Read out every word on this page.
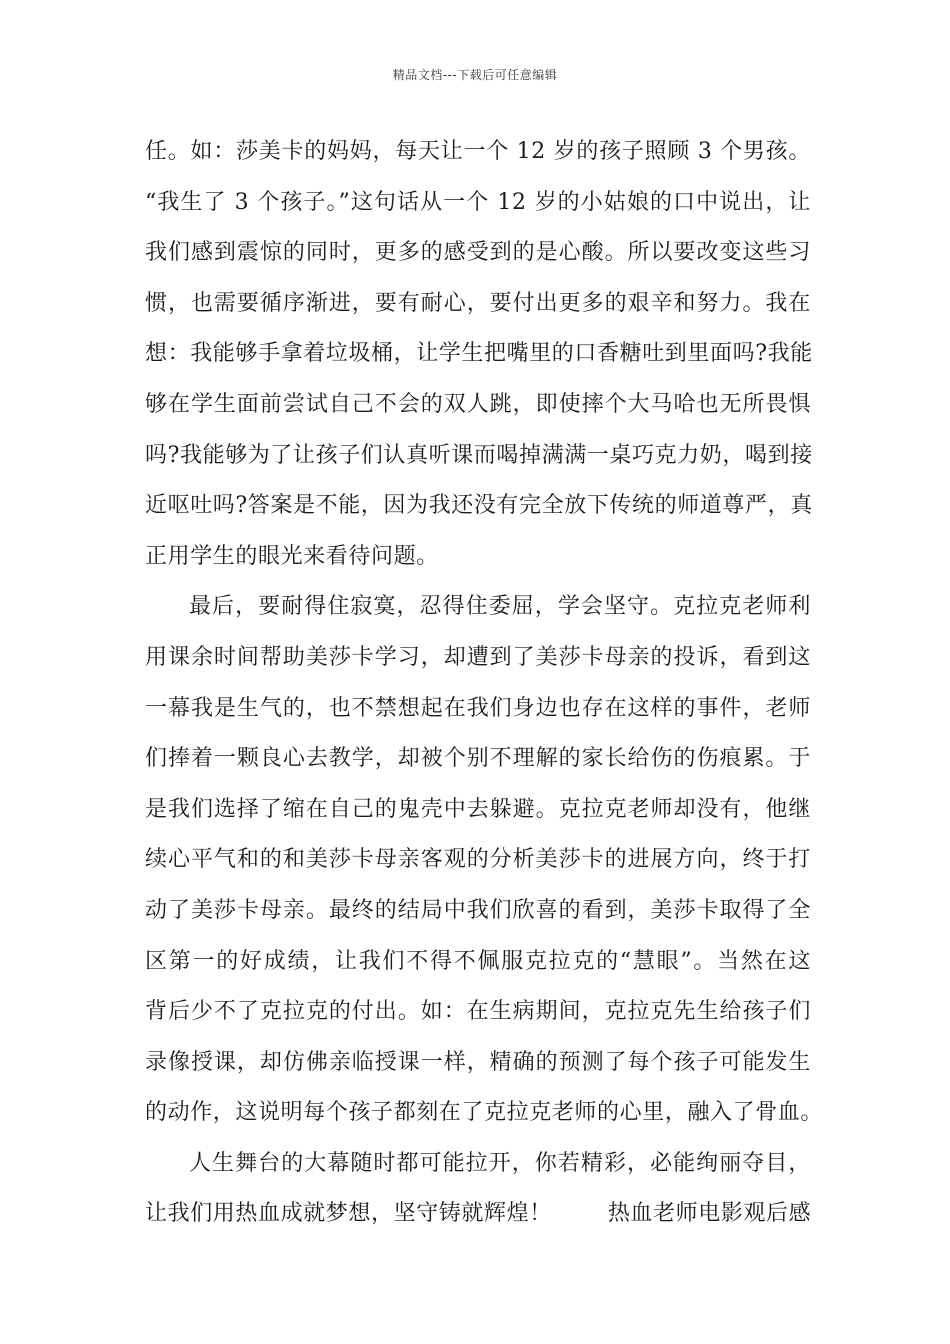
精品文档---下载后可任意编辑
任。如：莎美卡的妈妈，每天让一个 12 岁的孩子照顾 3 个男孩。
“我生了 3 个孩子。”这句话从一个 12 岁的小姑娘的口中说出，让
我们感到震惊的同时，更多的感受到的是心酸。所以要改变这些习
惯，也需要循序渐进，要有耐心，要付出更多的艰辛和努力。我在
想：我能够手拿着垃圾桶，让学生把嘴里的口香糖吐到里面吗?我能
够在学生面前尝试自己不会的双人跳，即使摔个大马哈也无所畏惧
吗?我能够为了让孩子们认真听课而喝掉满满一桌巧克力奶，喝到接
近呕吐吗?答案是不能，因为我还没有完全放下传统的师道尊严，真
正用学生的眼光来看待问题。
最后，要耐得住寂寞，忍得住委屈，学会坚守。克拉克老师利
用课余时间帮助美莎卡学习，却遭到了美莎卡母亲的投诉，看到这
一幕我是生气的，也不禁想起在我们身边也存在这样的事件，老师
们捧着一颗良心去教学，却被个别不理解的家长给伤的伤痕累。于
是我们选择了缩在自己的鬼壳中去躲避。克拉克老师却没有，他继
续心平气和的和美莎卡母亲客观的分析美莎卡的进展方向，终于打
动了美莎卡母亲。最终的结局中我们欣喜的看到，美莎卡取得了全
区第一的好成绩，让我们不得不佩服克拉克的“慧眼”。当然在这
背后少不了克拉克的付出。如：在生病期间，克拉克先生给孩子们
录像授课，却仿佛亲临授课一样，精确的预测了每个孩子可能发生
的动作，这说明每个孩子都刻在了克拉克老师的心里，融入了骨血。
人生舞台的大幕随时都可能拉开，你若精彩，必能绚丽夺目，
让我们用热血成就梦想，坚守铸就辉煌！	热血老师电影观后感
